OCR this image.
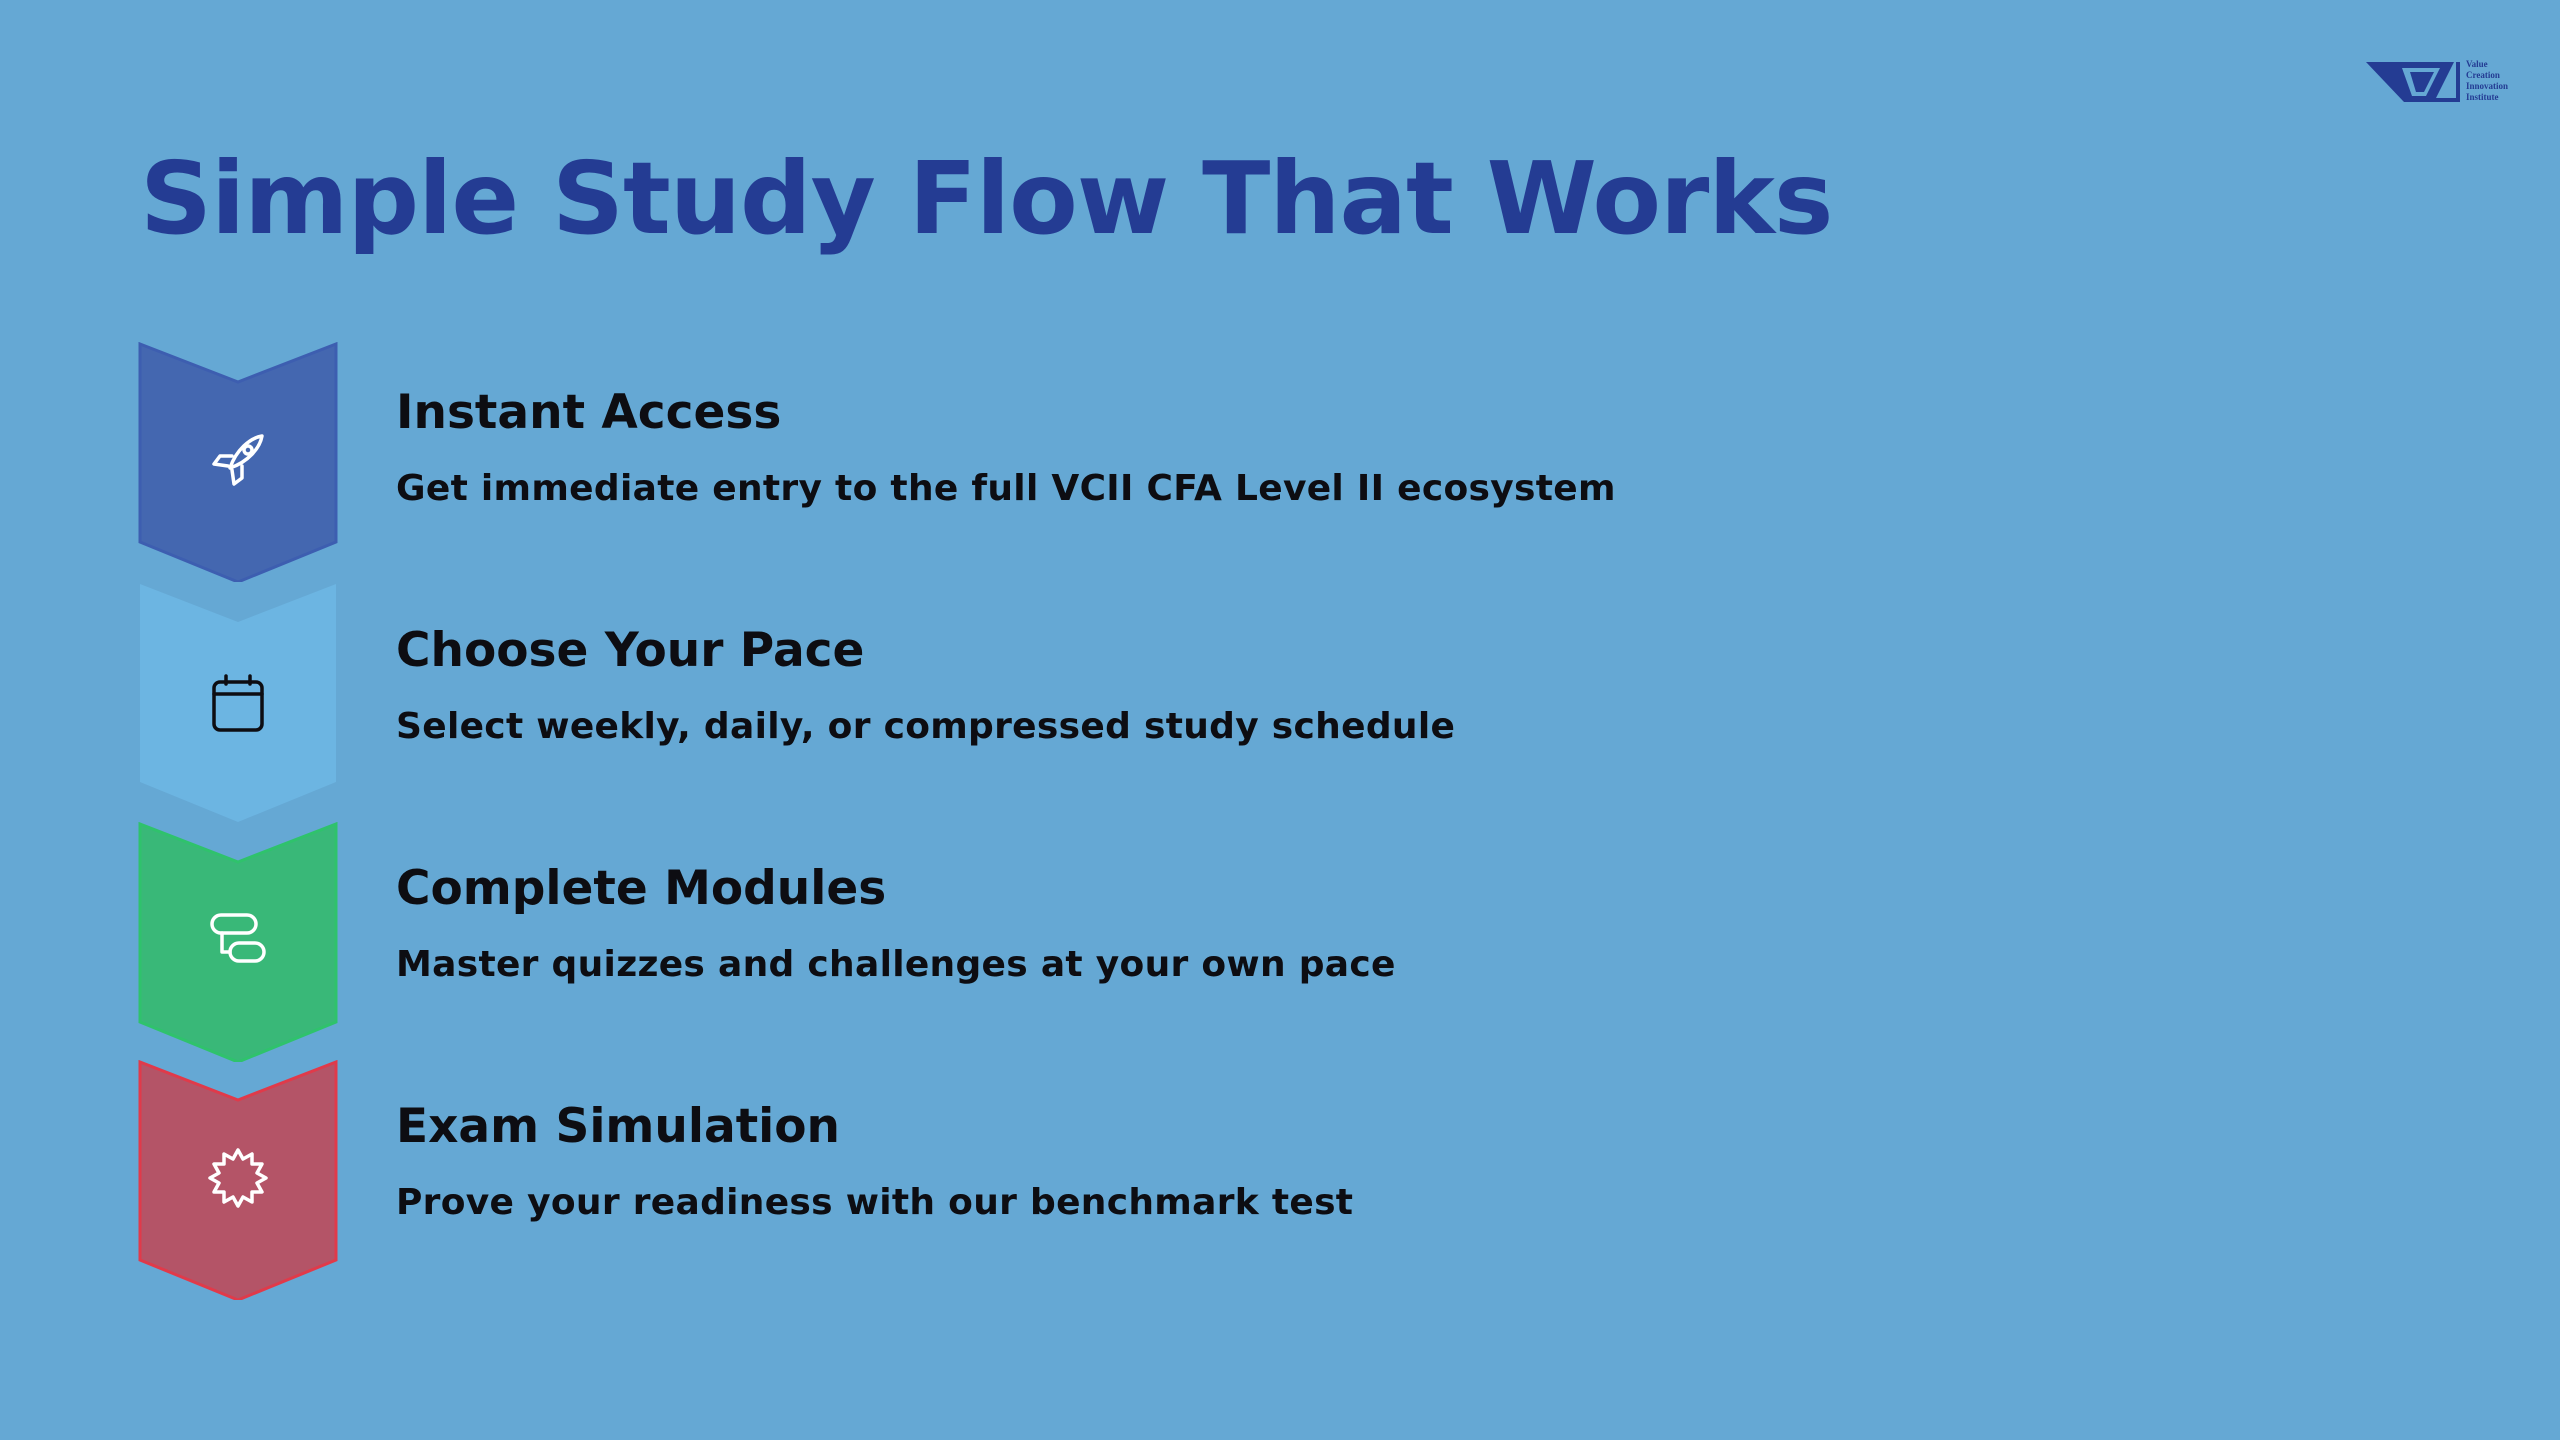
Simple Study Flow That Works
Value
Creation
Innovation
Institute
Instant Access

Get immediate entry to the full VCII CFA Level II ecosystem

Choose Your Pace

Select weekly, daily, or compressed study schedule

Complete Modules

Master quizzes and challenges at your own pace

Exam Simulation

Prove your readiness with our benchmark test
